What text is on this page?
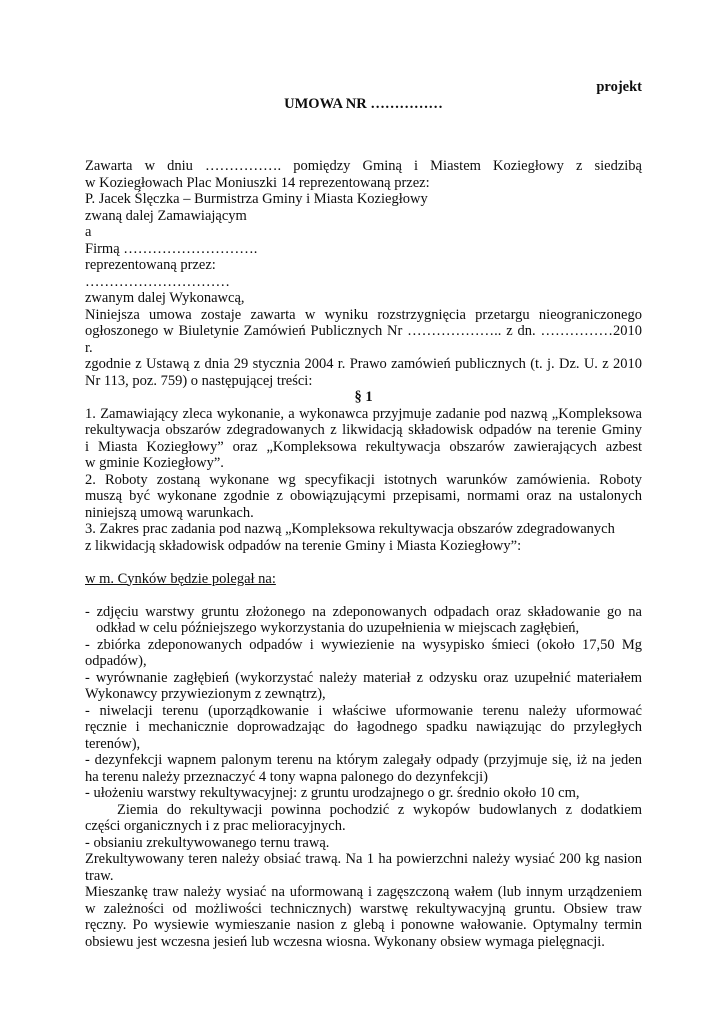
projekt
UMOWA NR ……………
Zawarta w dniu ……………. pomiędzy Gminą i Miastem Koziegłowy z siedzibą
w Koziegłowach Plac Moniuszki 14 reprezentowaną przez:
P. Jacek Ślęczka – Burmistrza Gminy i Miasta Koziegłowy
zwaną dalej Zamawiającym
a
Firmą ……………………….
reprezentowaną przez:
…………………………
zwanym dalej Wykonawcą,
Niniejsza umowa zostaje zawarta w wyniku rozstrzygnięcia przetargu nieograniczonego
ogłoszonego w Biuletynie Zamówień Publicznych Nr ……………….. z dn. ……………2010 r.
zgodnie z Ustawą z dnia 29 stycznia 2004 r. Prawo zamówień publicznych (t. j. Dz. U. z 2010
Nr 113, poz. 759) o następującej treści:
§ 1
1. Zamawiający zleca wykonanie, a wykonawca przyjmuje zadanie pod nazwą „Kompleksowa
rekultywacja obszarów zdegradowanych z likwidacją składowisk odpadów na terenie Gminy
i Miasta Koziegłowy” oraz „Kompleksowa rekultywacja obszarów zawierających azbest
w gminie Koziegłowy”.
2. Roboty zostaną wykonane wg specyfikacji istotnych warunków zamówienia. Roboty
muszą być wykonane zgodnie z obowiązującymi przepisami, normami oraz na ustalonych
niniejszą umową warunkach.
3. Zakres prac zadania pod nazwą „Kompleksowa rekultywacja obszarów zdegradowanych
z likwidacją składowisk odpadów na terenie Gminy i Miasta Koziegłowy”:
w m. Cynków będzie polegał na:
- zdjęciu warstwy gruntu złożonego na zdeponowanych odpadach oraz składowanie go na
odkład w celu późniejszego wykorzystania do uzupełnienia w miejscach zagłębień,
- zbiórka zdeponowanych odpadów i wywiezienie na wysypisko śmieci (około 17,50 Mg
odpadów),
- wyrównanie zagłębień (wykorzystać należy materiał z odzysku oraz uzupełnić materiałem
Wykonawcy przywiezionym z zewnątrz),
- niwelacji terenu (uporządkowanie i właściwe uformowanie terenu należy uformować
ręcznie i mechanicznie doprowadzając do łagodnego spadku nawiązując do przyległych
terenów),
- dezynfekcji wapnem palonym terenu na którym zalegały odpady (przyjmuje się, iż na jeden
ha terenu należy przeznaczyć 4 tony wapna palonego do dezynfekcji)
- ułożeniu warstwy rekultywacyjnej: z gruntu urodzajnego o gr. średnio około 10 cm,
Ziemia do rekultywacji powinna pochodzić z wykopów budowlanych z dodatkiem
części organicznych i z prac melioracyjnych.
- obsianiu zrekultywowanego ternu trawą.
Zrekultywowany teren należy obsiać trawą. Na 1 ha powierzchni należy wysiać 200 kg nasion
traw.
Mieszankę traw należy wysiać na uformowaną i zagęszczoną wałem (lub innym urządzeniem
w zależności od możliwości technicznych) warstwę rekultywacyjną gruntu. Obsiew traw
ręczny. Po wysiewie wymieszanie nasion z glebą i ponowne wałowanie. Optymalny termin
obsiewu jest wczesna jesień lub wczesna wiosna. Wykonany obsiew wymaga pielęgnacji.
